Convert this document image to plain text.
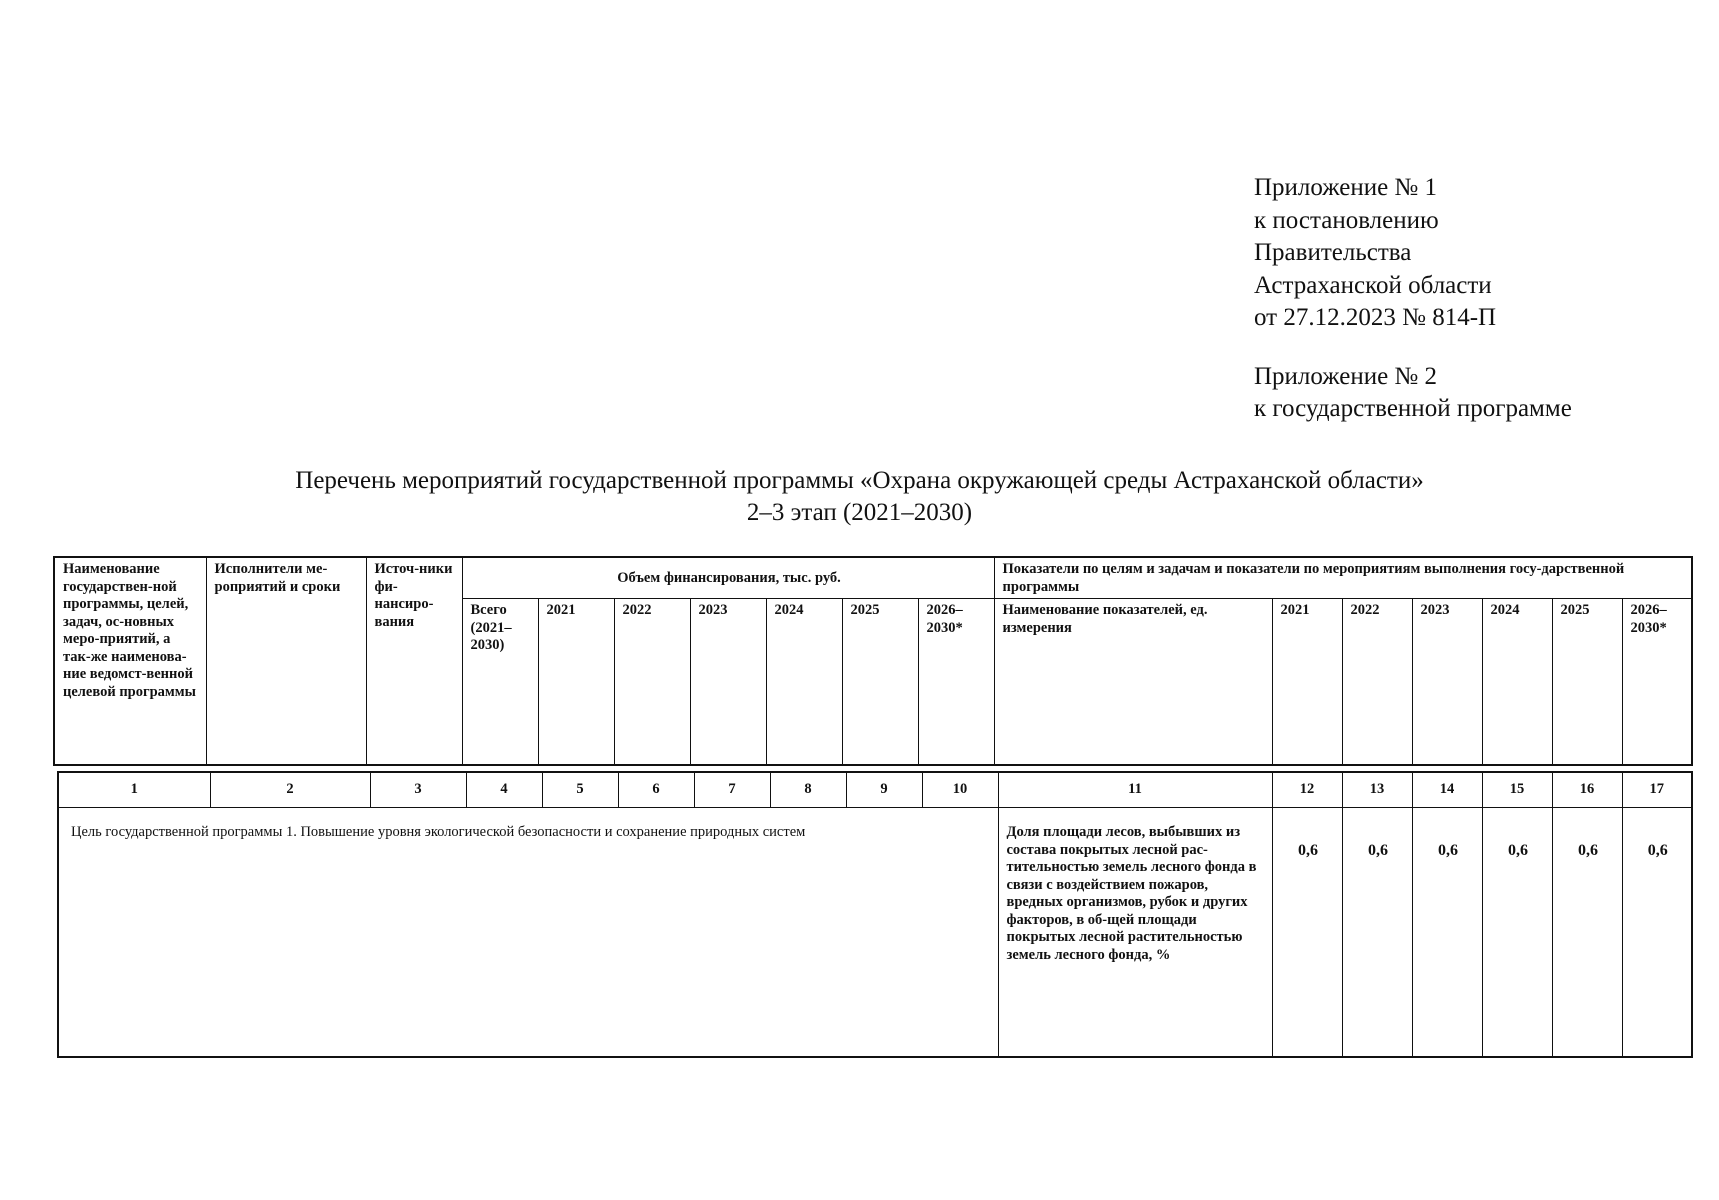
Приложение № 1
к постановлению
Правительства
Астраханской области
от 27.12.2023 № 814-П
Приложение № 2
к государственной программе
Перечень мероприятий государственной программы «Охрана окружающей среды Астраханской области»
2–3 этап (2021–2030)
Наименование государствен-ной программы, целей, задач, ос-новных меро-приятий, а так-же наименова-ние ведомст-венной целевой программы	Исполнители ме-роприятий и сроки	Источ-ники фи-нансиро-вания	Объем финансирования, тыс. руб.							Показатели по целям и задачам и показатели по мероприятиям выполнения госу-дарственной программы						
			Всего (2021–2030)	2021	2022	2023	2024	2025	2026–2030*	Наименование показателей, ед. измерения	2021	2022	2023	2024	2025	2026–2030*
1	2	3	4	5	6	7	8	9	10	11	12	13	14	15	16	17
Цель государственной программы 1. Повышение уровня экологической безопасности и сохранение природных систем										Доля площади лесов, выбывших из состава покрытых лесной рас-тительностью земель лесного фонда в связи с воздействием пожаров, вредных организмов, рубок и других факторов, в об-щей площади покрытых лесной растительностью земель лесного фонда, %	0,6	0,6	0,6	0,6	0,6	0,6
